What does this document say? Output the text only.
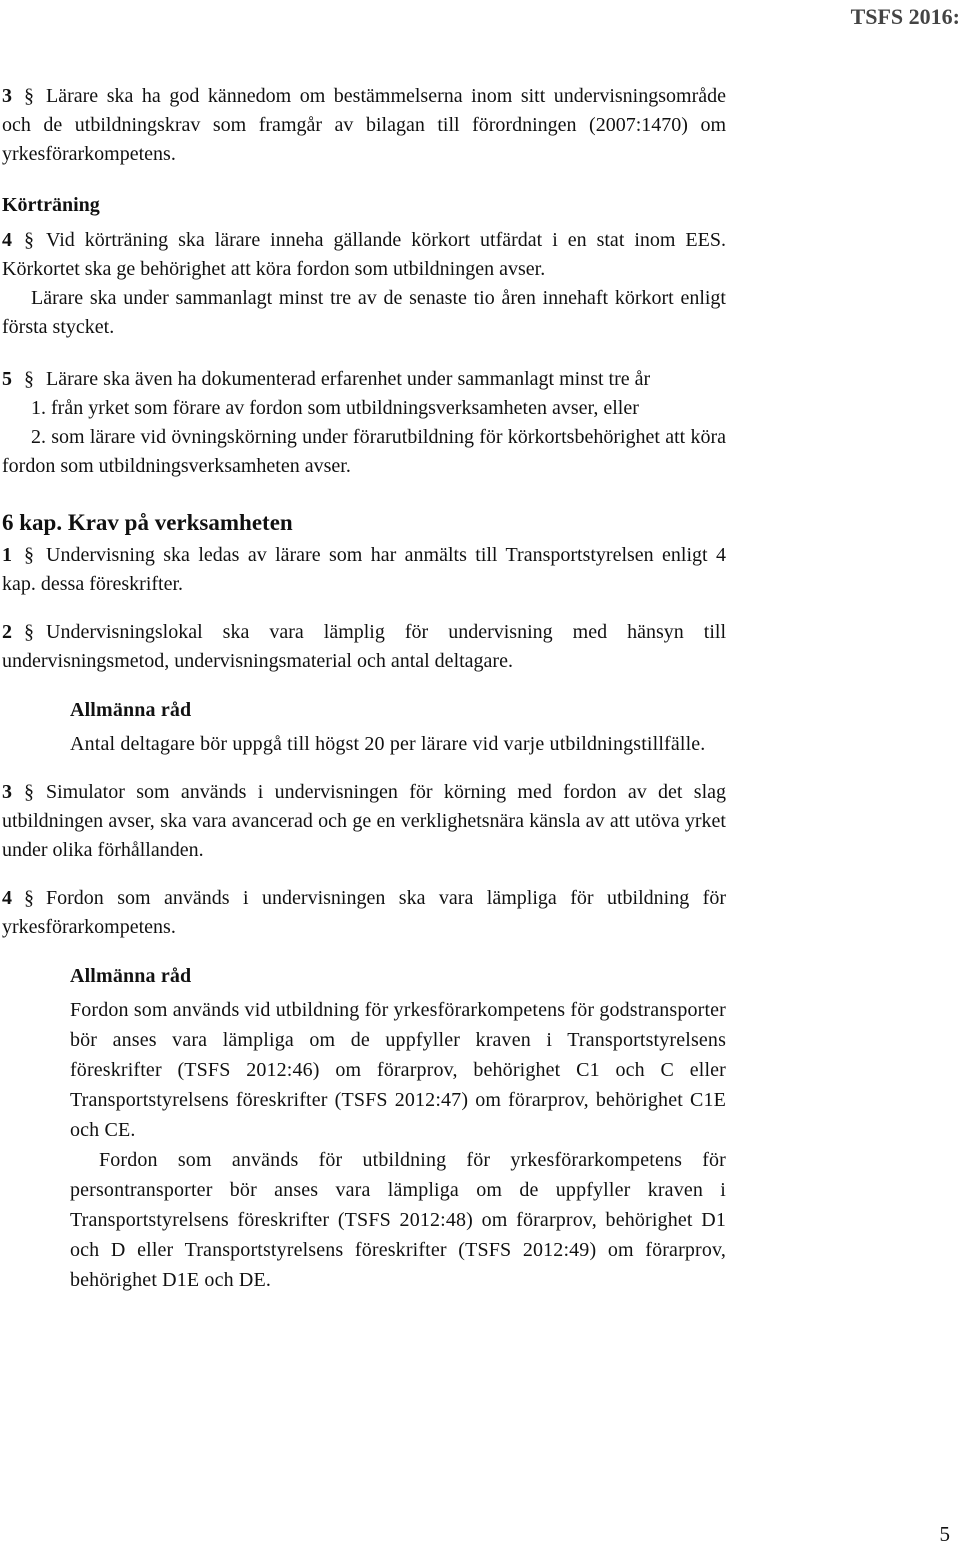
TSFS 2016:

3 § Lärare ska ha god kännedom om bestämmelserna inom sitt undervisningsområde och de utbildningskrav som framgår av bilagan till förordningen (2007:1470) om yrkesförarkompetens.

Körträning

4 § Vid körträning ska lärare inneha gällande körkort utfärdat i en stat inom EES. Körkortet ska ge behörighet att köra fordon som utbildningen avser.

Lärare ska under sammanlagt minst tre av de senaste tio åren innehaft körkort enligt första stycket.

5 § Lärare ska även ha dokumenterad erfarenhet under sammanlagt minst tre år

1. från yrket som förare av fordon som utbildningsverksamheten avser, eller

2. som lärare vid övningskörning under förarutbildning för körkortsbehörighet att köra fordon som utbildningsverksamheten avser.

6 kap. Krav på verksamheten

1 § Undervisning ska ledas av lärare som har anmälts till Transportstyrelsen enligt 4 kap. dessa föreskrifter.

2 § Undervisningslokal ska vara lämplig för undervisning med hänsyn till undervisningsmetod, undervisningsmaterial och antal deltagare.

Allmänna råd

Antal deltagare bör uppgå till högst 20 per lärare vid varje utbildningstillfälle.

3 § Simulator som används i undervisningen för körning med fordon av det slag utbildningen avser, ska vara avancerad och ge en verklighetsnära känsla av att utöva yrket under olika förhållanden.

4 § Fordon som används i undervisningen ska vara lämpliga för utbildning för yrkesförarkompetens.

Allmänna råd

Fordon som används vid utbildning för yrkesförarkompetens för godstransporter bör anses vara lämpliga om de uppfyller kraven i Transportstyrelsens föreskrifter (TSFS 2012:46) om förarprov, behörighet C1 och C eller Transportstyrelsens föreskrifter (TSFS 2012:47) om förarprov, behörighet C1E och CE.

Fordon som används för utbildning för yrkesförarkompetens för persontransporter bör anses vara lämpliga om de uppfyller kraven i Transportstyrelsens föreskrifter (TSFS 2012:48) om förarprov, behörighet D1 och D eller Transportstyrelsens föreskrifter (TSFS 2012:49) om förarprov, behörighet D1E och DE.

5
